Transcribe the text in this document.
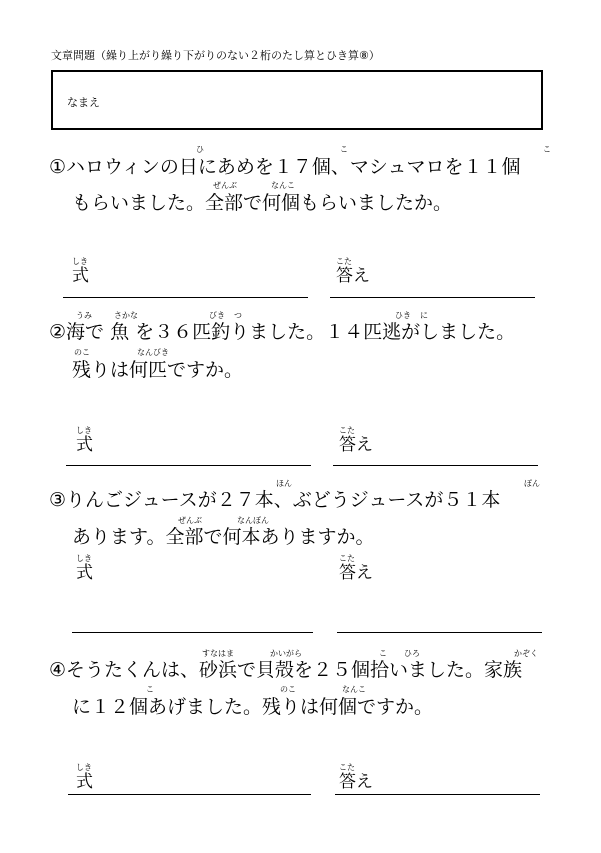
文章問題（繰り上がり繰り下がりのない２桁のたし算とひき算⑧）
なまえ
ひ	こ	こ
①ハロウィンの日にあめを１７個、マシュマロを１１個
ぜんぶ	なんこ
もらいました。全部で何個もらいましたか。
しき
式
こた
答え
うみ	さかな	びき つ	ひき に
②海で 魚 を３６匹釣りました。１４匹逃がしました。
のこ	なんびき
残りは何匹ですか。
しき
式
こた
答え
ほん	ぽん
③りんごジュースが２７本、ぶどうジュースが５１本
ぜんぶ	なんぼん
あります。全部で何本ありますか。
しき
式
こた
答え
すなはま	かいがら	こ ひろ	かぞく
④そうたくんは、砂浜で貝殻を２５個拾いました。家族
こ	のこ	なんこ
に１２個あげました。残りは何個ですか。
しき
式
こた
答え
